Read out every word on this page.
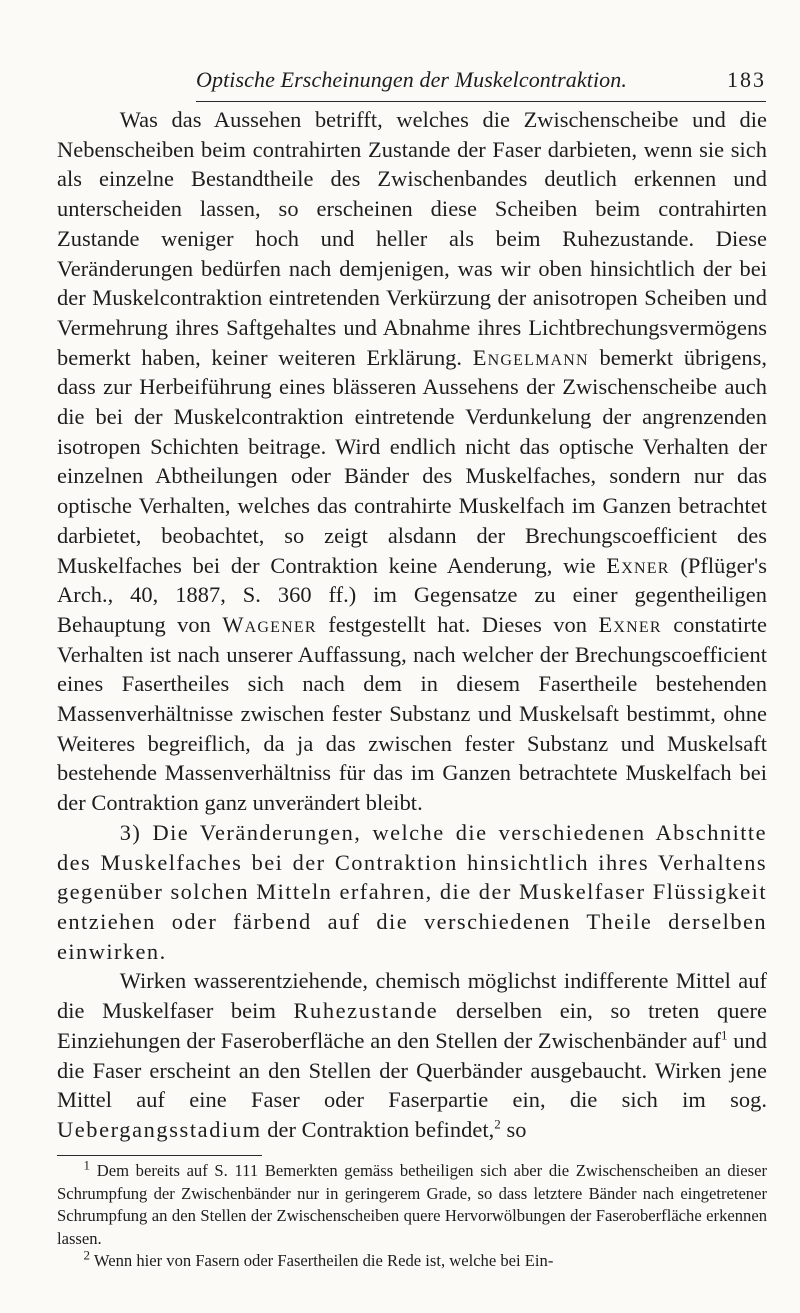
Optische Erscheinungen der Muskelcontraktion.	183

Was das Aussehen betrifft, welches die Zwischenscheibe und die Nebenscheiben beim contrahirten Zustande der Faser darbieten, wenn sie sich als einzelne Bestandtheile des Zwischenbandes deutlich erkennen und unterscheiden lassen, so erscheinen diese Scheiben beim contrahirten Zustande weniger hoch und heller als beim Ruhezustande. Diese Veränderungen bedürfen nach demjenigen, was wir oben hinsichtlich der bei der Muskelcontraktion eintretenden Verkürzung der anisotropen Scheiben und Vermehrung ihres Saftgehaltes und Abnahme ihres Lichtbrechungsvermögens bemerkt haben, keiner weiteren Erklärung. Engelmann bemerkt übrigens, dass zur Herbeiführung eines blässeren Aussehens der Zwischenscheibe auch die bei der Muskelcontraktion eintretende Verdunkelung der angrenzenden isotropen Schichten beitrage. Wird endlich nicht das optische Verhalten der einzelnen Abtheilungen oder Bänder des Muskelfaches, sondern nur das optische Verhalten, welches das contrahirte Muskelfach im Ganzen betrachtet darbietet, beobachtet, so zeigt alsdann der Brechungscoefficient des Muskelfaches bei der Contraktion keine Aenderung, wie Exner (Pflüger's Arch., 40, 1887, S. 360 ff.) im Gegensatze zu einer gegentheiligen Behauptung von Wagener festgestellt hat. Dieses von Exner constatirte Verhalten ist nach unserer Auffassung, nach welcher der Brechungscoefficient eines Fasertheiles sich nach dem in diesem Fasertheile bestehenden Massenverhältnisse zwischen fester Substanz und Muskelsaft bestimmt, ohne Weiteres begreiflich, da ja das zwischen fester Substanz und Muskelsaft bestehende Massenverhältniss für das im Ganzen betrachtete Muskelfach bei der Contraktion ganz unverändert bleibt.

3) Die Veränderungen, welche die verschiedenen Abschnitte des Muskelfaches bei der Contraktion hinsichtlich ihres Verhaltens gegenüber solchen Mitteln erfahren, die der Muskelfaser Flüssigkeit entziehen oder färbend auf die verschiedenen Theile derselben einwirken.

Wirken wasserentziehende, chemisch möglichst indifferente Mittel auf die Muskelfaser beim Ruhezustande derselben ein, so treten quere Einziehungen der Faseroberfläche an den Stellen der Zwischenbänder auf$^1$ und die Faser erscheint an den Stellen der Querbänder ausgebaucht. Wirken jene Mittel auf eine Faser oder Faserpartie ein, die sich im sog. Uebergangsstadium der Contraktion befindet,$^2$ so

$^1$ Dem bereits auf S. 111 Bemerkten gemäss betheiligen sich aber die Zwischenscheiben an dieser Schrumpfung der Zwischenbänder nur in geringerem Grade, so dass letztere Bänder nach eingetretener Schrumpfung an den Stellen der Zwischenscheiben quere Hervorwölbungen der Faseroberfläche erkennen lassen.

$^2$ Wenn hier von Fasern oder Fasertheilen die Rede ist, welche bei Ein-
